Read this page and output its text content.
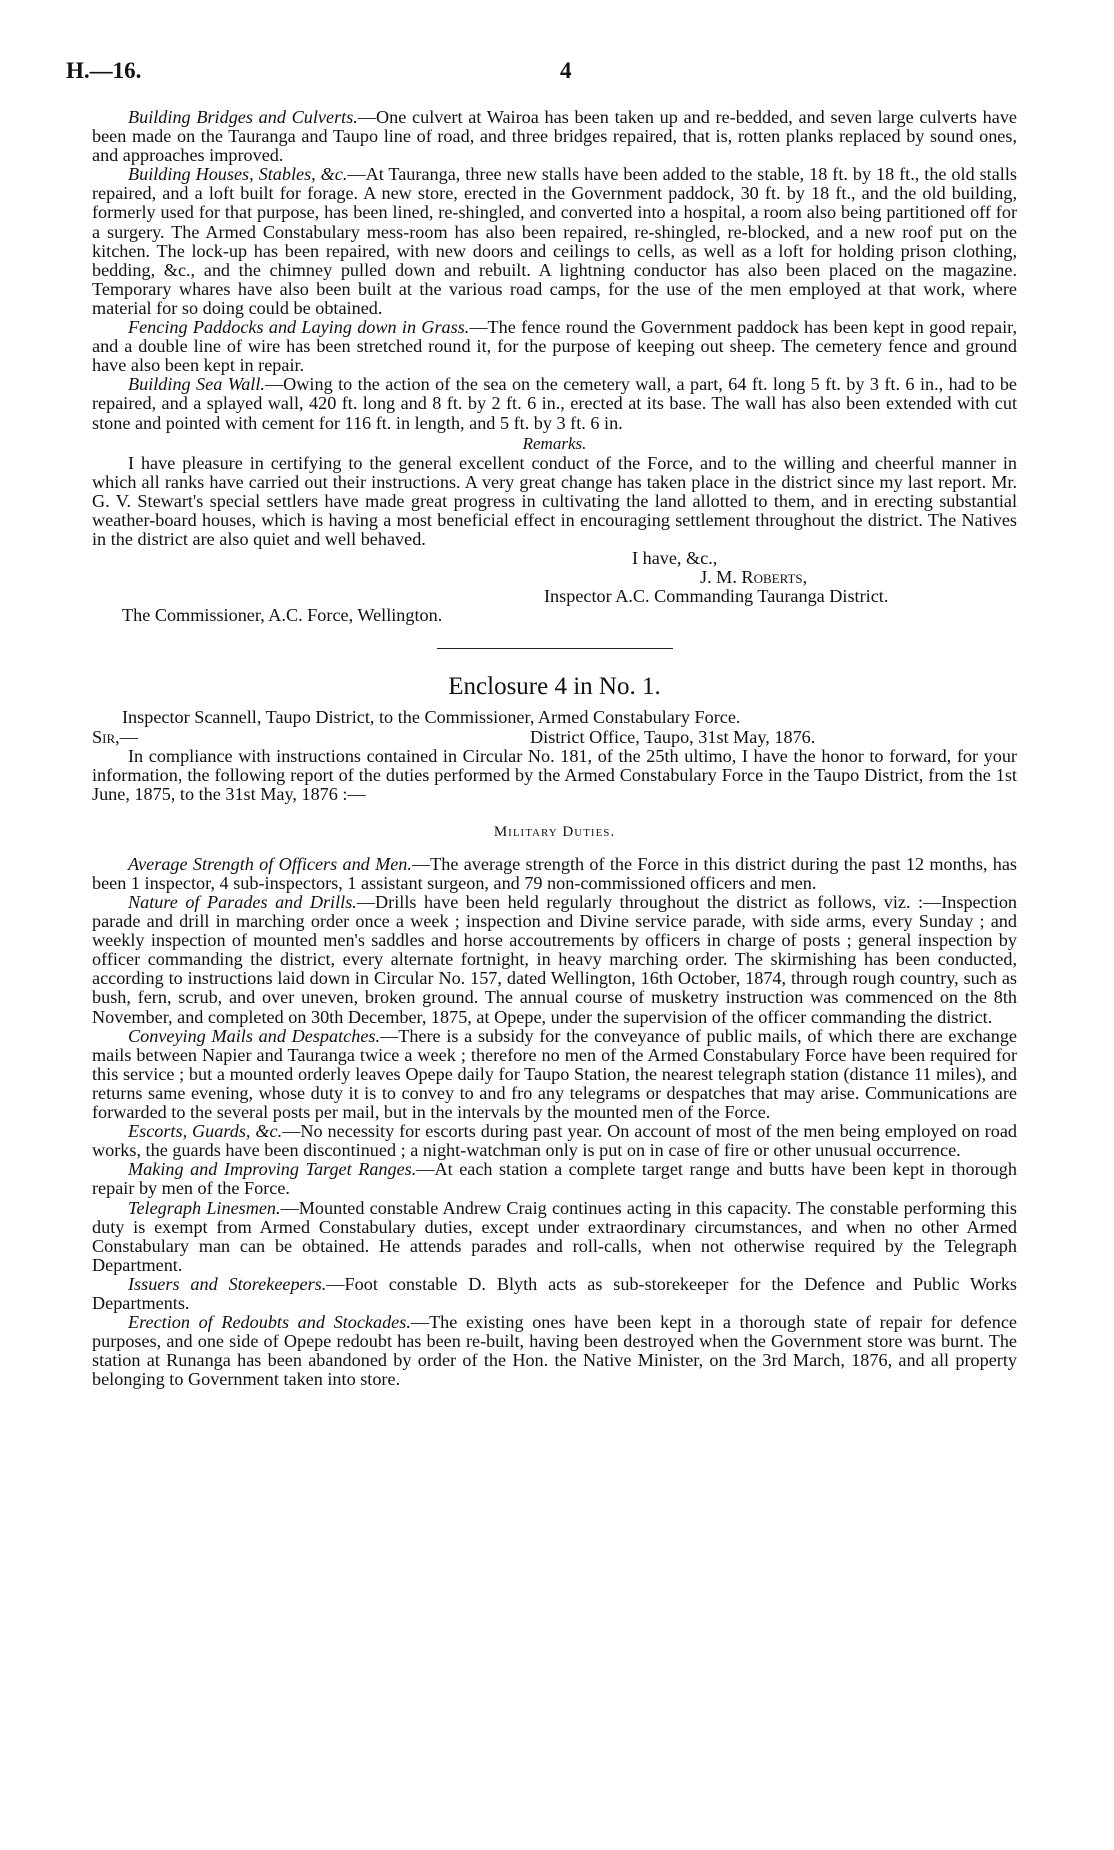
H.—16.	4

Building Bridges and Culverts.—One culvert at Wairoa has been taken up and re-bedded, and seven large culverts have been made on the Tauranga and Taupo line of road, and three bridges repaired, that is, rotten planks replaced by sound ones, and approaches improved.

Building Houses, Stables, &c.—At Tauranga, three new stalls have been added to the stable, 18 ft. by 18 ft., the old stalls repaired, and a loft built for forage. A new store, erected in the Government paddock, 30 ft. by 18 ft., and the old building, formerly used for that purpose, has been lined, re-shingled, and converted into a hospital, a room also being partitioned off for a surgery. The Armed Constabulary mess-room has also been repaired, re-shingled, re-blocked, and a new roof put on the kitchen. The lock-up has been repaired, with new doors and ceilings to cells, as well as a loft for holding prison clothing, bedding, &c., and the chimney pulled down and rebuilt. A lightning conductor has also been placed on the magazine. Temporary whares have also been built at the various road camps, for the use of the men employed at that work, where material for so doing could be obtained.

Fencing Paddocks and Laying down in Grass.—The fence round the Government paddock has been kept in good repair, and a double line of wire has been stretched round it, for the purpose of keeping out sheep. The cemetery fence and ground have also been kept in repair.

Building Sea Wall.—Owing to the action of the sea on the cemetery wall, a part, 64 ft. long 5 ft. by 3 ft. 6 in., had to be repaired, and a splayed wall, 420 ft. long and 8 ft. by 2 ft. 6 in., erected at its base. The wall has also been extended with cut stone and pointed with cement for 116 ft. in length, and 5 ft. by 3 ft. 6 in.

Remarks.

I have pleasure in certifying to the general excellent conduct of the Force, and to the willing and cheerful manner in which all ranks have carried out their instructions. A very great change has taken place in the district since my last report. Mr. G. V. Stewart's special settlers have made great progress in cultivating the land allotted to them, and in erecting substantial weather-board houses, which is having a most beneficial effect in encouraging settlement throughout the district. The Natives in the district are also quiet and well behaved.

I have, &c.,
J. M. Roberts,
Inspector A.C. Commanding Tauranga District.
The Commissioner, A.C. Force, Wellington.
Enclosure 4 in No. 1.
Inspector Scannell, Taupo District, to the Commissioner, Armed Constabulary Force.
Sir,—	District Office, Taupo, 31st May, 1876.

In compliance with instructions contained in Circular No. 181, of the 25th ultimo, I have the honor to forward, for your information, the following report of the duties performed by the Armed Constabulary Force in the Taupo District, from the 1st June, 1875, to the 31st May, 1876 :—

Military Duties.

Average Strength of Officers and Men.—The average strength of the Force in this district during the past 12 months, has been 1 inspector, 4 sub-inspectors, 1 assistant surgeon, and 79 non-commissioned officers and men.

Nature of Parades and Drills.—Drills have been held regularly throughout the district as follows, viz. :—Inspection parade and drill in marching order once a week ; inspection and Divine service parade, with side arms, every Sunday ; and weekly inspection of mounted men's saddles and horse accoutrements by officers in charge of posts ; general inspection by officer commanding the district, every alternate fortnight, in heavy marching order. The skirmishing has been conducted, according to instructions laid down in Circular No. 157, dated Wellington, 16th October, 1874, through rough country, such as bush, fern, scrub, and over uneven, broken ground. The annual course of musketry instruction was commenced on the 8th November, and completed on 30th December, 1875, at Opepe, under the supervision of the officer commanding the district.

Conveying Mails and Despatches.—There is a subsidy for the conveyance of public mails, of which there are exchange mails between Napier and Tauranga twice a week ; therefore no men of the Armed Constabulary Force have been required for this service ; but a mounted orderly leaves Opepe daily for Taupo Station, the nearest telegraph station (distance 11 miles), and returns same evening, whose duty it is to convey to and fro any telegrams or despatches that may arise. Communications are forwarded to the several posts per mail, but in the intervals by the mounted men of the Force.

Escorts, Guards, &c.—No necessity for escorts during past year. On account of most of the men being employed on road works, the guards have been discontinued ; a night-watchman only is put on in case of fire or other unusual occurrence.

Making and Improving Target Ranges.—At each station a complete target range and butts have been kept in thorough repair by men of the Force.

Telegraph Linesmen.—Mounted constable Andrew Craig continues acting in this capacity. The constable performing this duty is exempt from Armed Constabulary duties, except under extraordinary circumstances, and when no other Armed Constabulary man can be obtained. He attends parades and roll-calls, when not otherwise required by the Telegraph Department.

Issuers and Storekeepers.—Foot constable D. Blyth acts as sub-storekeeper for the Defence and Public Works Departments.

Erection of Redoubts and Stockades.—The existing ones have been kept in a thorough state of repair for defence purposes, and one side of Opepe redoubt has been re-built, having been destroyed when the Government store was burnt. The station at Runanga has been abandoned by order of the Hon. the Native Minister, on the 3rd March, 1876, and all property belonging to Government taken into store.
